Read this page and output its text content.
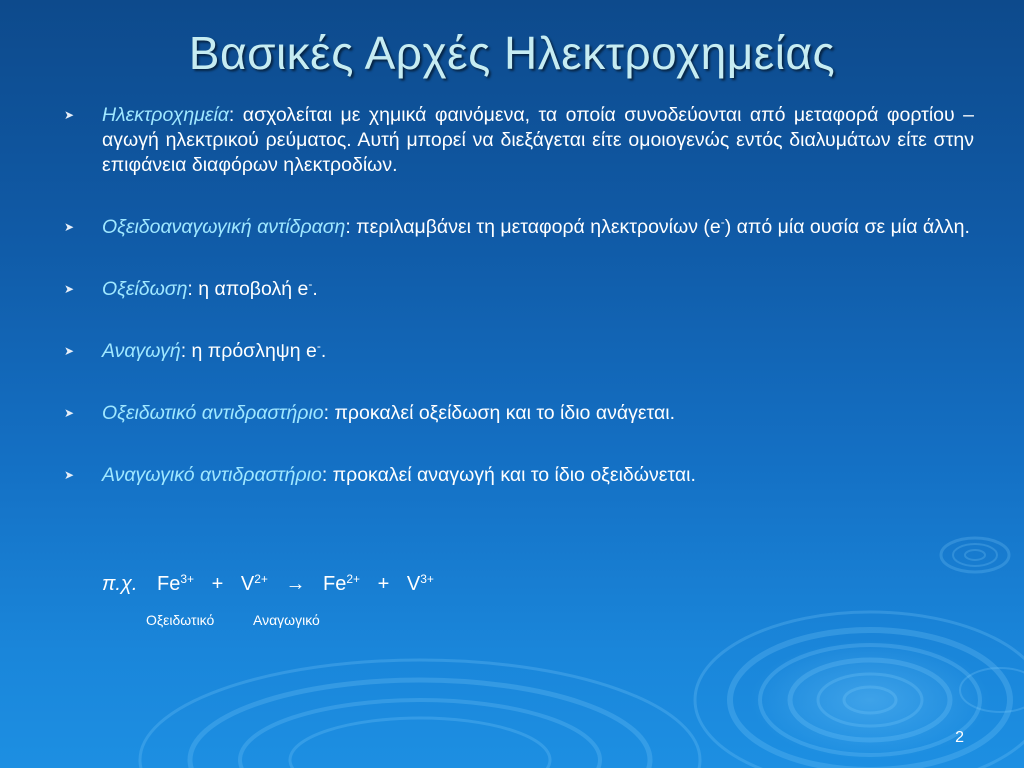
Βασικές Αρχές Ηλεκτροχημείας
➤ Ηλεκτροχημεία: ασχολείται με χημικά φαινόμενα, τα οποία συνοδεύονται από μεταφορά φορτίου – αγωγή ηλεκτρικού ρεύματος. Αυτή μπορεί να διεξάγεται είτε ομοιογενώς εντός διαλυμάτων είτε στην επιφάνεια διαφόρων ηλεκτροδίων.
➤ Οξειδοαναγωγική αντίδραση: περιλαμβάνει τη μεταφορά ηλεκτρονίων (e-) από μία ουσία σε μία άλλη.
➤ Οξείδωση: η αποβολή e-.
➤ Αναγωγή: η πρόσληψη e-.
➤ Οξειδωτικό αντιδραστήριο: προκαλεί οξείδωση και το ίδιο ανάγεται.
➤ Αναγωγικό αντιδραστήριο: προκαλεί αναγωγή και το ίδιο οξειδώνεται.
π.χ. $Fe^{3+} + V^{2+} \to Fe^{2+} + V^{3+}$
Οξειδωτικό	Αναγωγικό
2
